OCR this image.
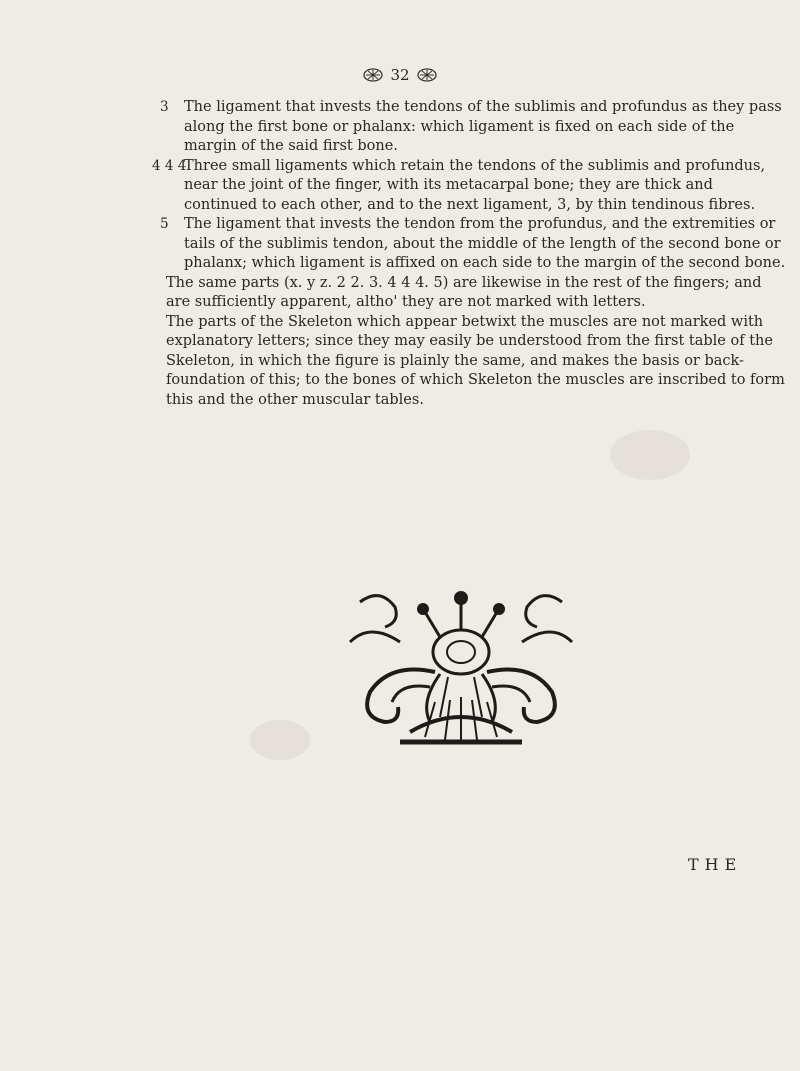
32

3 The ligament that invests the tendons of the sublimis and profundus as they pass along the first bone or phalanx: which ligament is fixed on each side of the margin of the said first bone.

4 4 4
Three small ligaments which retain the tendons of the sublimis and profundus, near the joint of the finger, with its metacarpal bone; they are thick and continued to each other, and to the next ligament, 3, by thin tendinous fibres.

5 The ligament that invests the tendon from the profundus, and the extremities or tails of the sublimis tendon, about the middle of the length of the second bone or phalanx; which ligament is affixed on each side to the margin of the second bone.

The same parts (x. y z. 2 2. 3. 4 4 4. 5) are likewise in the rest of the fingers; and are sufficiently apparent, altho' they are not marked with letters.

The parts of the Skeleton which appear betwixt the muscles are not marked with explanatory letters; since they may easily be understood from the first table of the Skeleton, in which the figure is plainly the same, and makes the basis or back-foundation of this; to the bones of which Skeleton the muscles are inscribed to form this and the other muscular tables.

THE
